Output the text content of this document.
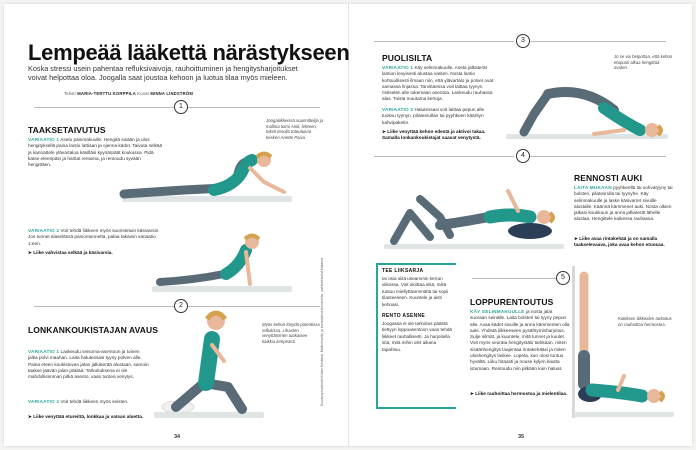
Lempeää lääkettä närästykseen
Koska stressi usein pahentaa refluksivaivoja, rauhoittuminen ja hengitysharjoitukset voivat helpottaa oloa. Joogalla saat joustoa kehoon ja luotua tilaa myös mieleen.
Teksti MARIA-TERTTU KORPPILA Kuvat MINNA LINDSTRÖM
1
TAAKSETAIVUTUS
VARIAATIO 1 Asetu päinmakuulle. Hengitä sisään ja ulos hengityksellä paina lantio lattiaan ja ojenna kädet. Taivuta selkää ja kannattele ylävartaloa käsilläsi kyynärpäät koukussa. Pidä katse eteenpäin ja hartiat rentoina, ja rentoudu syvään hengittäen.
VARIAATIO 2 Voit tehdä liikkeen myös suoristetuin käsivarsin. Jos tunnet alaselässä painontunnetta, palaa takaisin variaatio 1:een.
➤ Liike vahvistaa selkää ja käsivarsia.
Joogaliikkeissä suunnittelija ja mallina toimi Aniit, lehteen, teksti tenolla toteutuivat kesken Anette Paiva
2
LONKANKOUKISTAJAN AVAUS
VARIAATIO 1 Laskeudu seisoma-asentoon ja toinen jalka polvi maahan. Laita halutessasi tyyny polven alle. Paina eteen koukistuvan jalan jalkaterää alustaan, samoin taakse jäävän jalan päkiää. Tarkoituksena ei ole mahdollisimman pitkä asento, vaan tuntea venytys.
VARIAATIO 2 Voit tehdä liikkeen myös seisten.
➤ Liike venyttää etureittä, lonkkaa ja vatsan aluetta.
Myös kehon lönydä potentissa reflukissa. Lihasten venyttäminen tuokaisee kaikkia lempeästi.
34
Kuvausympäristö Kidan Kestävä. Mallinhuolto ja konseptina Annaviirta, vaihtoehtoilut tiistaina
3
PUOLISILTA
VARIAATIO 1 Käy selinmakuulle. Aseta jalkaterät lantion levyisesti alustaa vasten. Nosta lantio kohtuullisesti ilmaan niin, että ylävartalo ja polvet ovat samassa linjassa. Tarvittaessa voit laittaa tyynyn ristiselän alle tukemaan asentoa. Laskeudu rauhassa alas. Toista muutama kertoja.
VARIAATIO 2 Halutessasi voit laittaa pepun alle tuoksu tyynyn, pilatesrullan tai pyyhkeen käärityn kahvipaketin.
➤ Liike venyttää kehon edestä ja aktivoi takaa. Samalla lonkankoukistajat saavat venytystä.
Jo se voi helpottaa, että kehon etupuoli alkaa hengittää avaten.
4
RENNOSTI AUKI
LAITA MUKAAN pyyhkeellä tai sohvatyyny tai bolsteri, pilatesrulla tai tyynyhe. Käy selinmakuulle ja laske käsivarret sivuille alustalle. Käännä kämmenet auki. Nosta olkien jalkasi koukkuun ja anna jalkaterät lähelle alustaa. Hengittele kaikessa rauhassa.
➤ Liike avaa rintakehää ja on samalla taakselevaava, joka avaa kehon etuosaa.
TEE LIIKSARJA
tai osia siitä useammin kerran viikossa. Voit aloittaa siitä, mikä tuntuu miellyttävimmältä tai sopii tilanteeseen. Kuuntele ja aisti kehoasi.
RENTO ASENNE
Joogassa ei ole tarkoitus päästä tiettyyn loppuasentoon vaan tehdä liikkeet rauhallisesti. Ja harjoitella sitä, mitä mihin olet aikana tapahtuu.
5
LOPPURENTOUTUS
KÄY SELINMAKUULLE ja nosta jalat suoraan seinälle. Laita bolsteri tai tyyny pepun alle. Avaa kädet sivuille ja anna kämmenten olla auki. Yhdistä liikkeeseen pysähtymisharjoitus. Sulje silmät, ja kuuntele, mitä tunnet ja kuulet. Voit myös seurata hengitystäsi tarkkaan, miten sisäänhengitys laajentaa rintakehääsi ja miten uloshengitys laskee. Lopeta, kun olosi tuntuu hyvältä. Liiku hitaasti ja nouse kyljen kautta istumaan. Rentoudu niin pitkään kuin haluat.
➤ Liike rauhoittaa hermostoa ja mielentilaa.
Kokiksen liikkeiden tarkoitus on rauhoittaa hermostoa.
35
